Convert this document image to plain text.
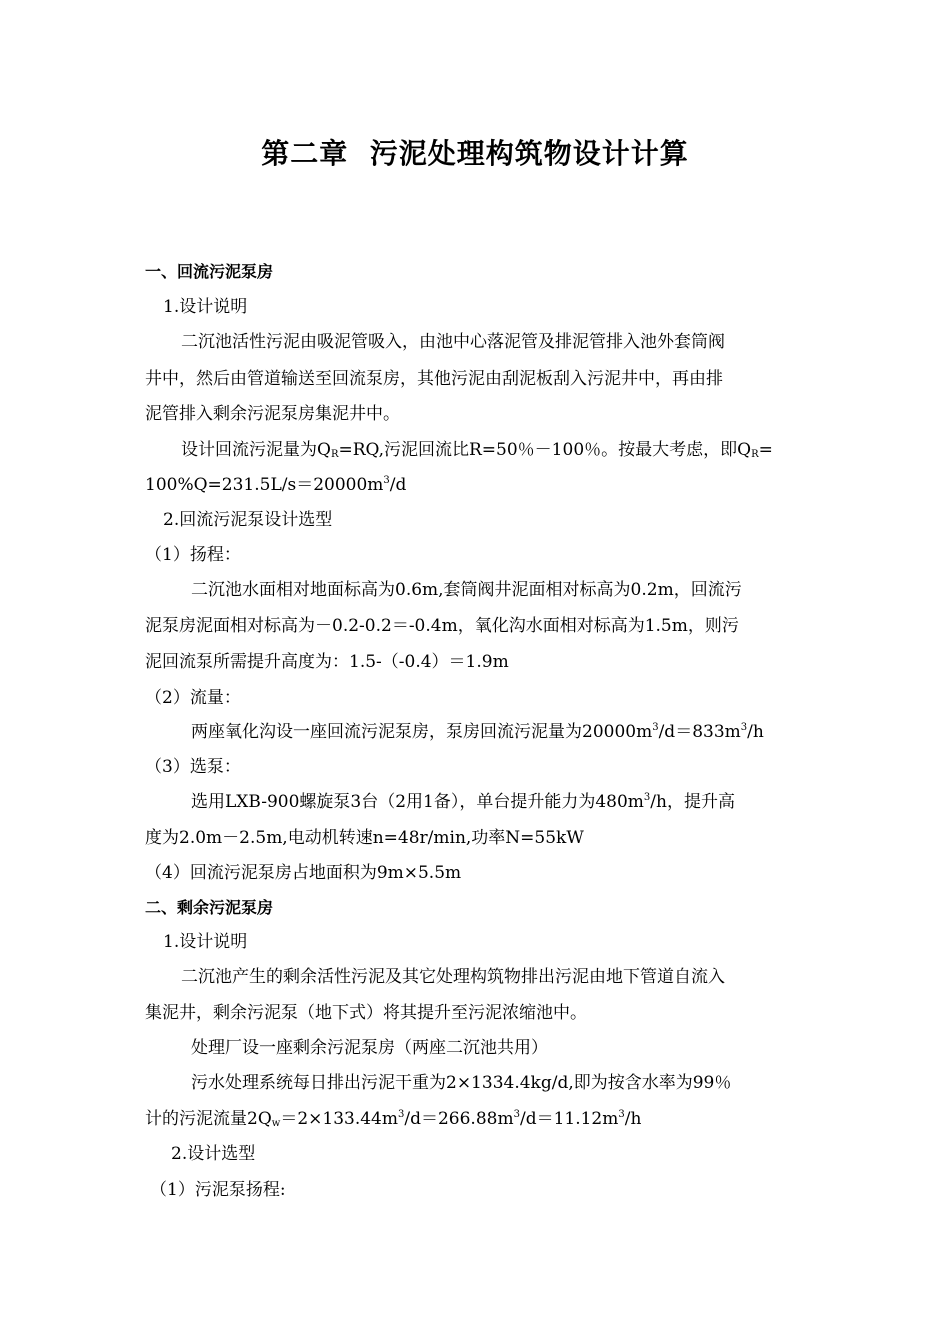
第二章  污泥处理构筑物设计计算
一、回流污泥泵房
1.设计说明
二沉池活性污泥由吸泥管吸入，由池中心落泥管及排泥管排入池外套筒阀
井中，然后由管道输送至回流泵房，其他污泥由刮泥板刮入污泥井中，再由排
泥管排入剩余污泥泵房集泥井中。
设计回流污泥量为$Q_R=RQ$,污泥回流比R=50％－100％。按最大考虑，即$Q_R=$
$100\%Q=231.5L/s=20000m^3/d$
2.回流污泥泵设计选型
（1）扬程：
二沉池水面相对地面标高为0.6m,套筒阀井泥面相对标高为0.2m，回流污
泥泵房泥面相对标高为－0.2-0.2＝-0.4m，氧化沟水面相对标高为1.5m，则污
泥回流泵所需提升高度为：1.5-（-0.4）＝1.9m
（2）流量：
两座氧化沟设一座回流污泥泵房，泵房回流污泥量为$20000m^3/d=833m^3/h$
（3）选泵：
选用LXB-900螺旋泵3台（2用1备），单台提升能力为$480m^3/h$，提升高
度为2.0m－2.5m,电动机转速n=48r/min,功率N=55kW
（4）回流污泥泵房占地面积为9m×5.5m
二、剩余污泥泵房
1.设计说明
二沉池产生的剩余活性污泥及其它处理构筑物排出污泥由地下管道自流入
集泥井，剩余污泥泵（地下式）将其提升至污泥浓缩池中。
处理厂设一座剩余污泥泵房（两座二沉池共用）
污水处理系统每日排出污泥干重为2×1334.4kg/d,即为按含水率为99％
计的污泥流量$2Q_w=2\times 133.44m^3/d=266.88m^3/d=11.12m^3/h$
2.设计选型
（1）污泥泵扬程:
